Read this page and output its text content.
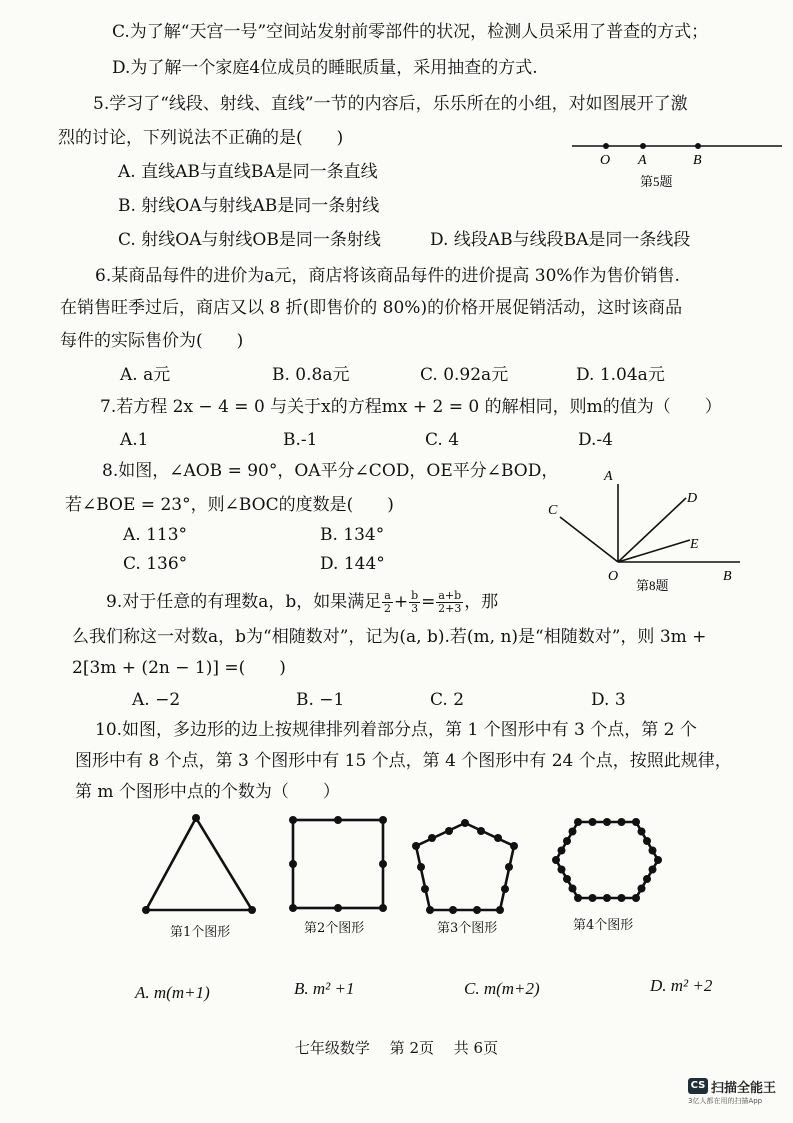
C.为了解“天宫一号”空间站发射前零部件的状况，检测人员采用了普查的方式；
D.为了解一个家庭4位成员的睡眠质量，采用抽查的方式.
5.学习了“线段、射线、直线”一节的内容后，乐乐所在的小组，对如图展开了激
烈的讨论，下列说法不正确的是(　　)
A. 直线AB与直线BA是同一条直线
B. 射线OA与射线AB是同一条射线
C. 射线OA与射线OB是同一条射线	D. 线段AB与线段BA是同一条线段
O A	B
第5题
6.某商品每件的进价为a元，商店将该商品每件的进价提高 30%作为售价销售.
在销售旺季过后，商店又以 8 折(即售价的 80%)的价格开展促销活动，这时该商品
每件的实际售价为(　　)
A. a元	B. 0.8a元	C. 0.92a元	D. 1.04a元
7.若方程 2x − 4 = 0 与关于x的方程mx + 2 = 0 的解相同，则m的值为（　　）
A.1	B.-1	C. 4	D.-4
8.如图，∠AOB = 90°，OA平分∠COD，OE平分∠BOD，
若∠BOE = 23°，则∠BOC的度数是(　　)
A. 113°	B. 134°
C. 136°	D. 144°
A
C
D
E
O	B
第8题
9.对于任意的有理数a，b，如果满足 $\frac{a}{2} + \frac{b}{3} = \frac{a+b}{2+3}$ ，那
么我们称这一对数a，b为“相随数对”，记为(a, b).若(m, n)是“相随数对”，则 3m +
2[3m + (2n − 1)] =(　　)
A. −2	B. −1	C. 2	D. 3
10.如图，多边形的边上按规律排列着部分点，第 1 个图形中有 3 个点，第 2 个
图形中有 8 个点，第 3 个图形中有 15 个点，第 4 个图形中有 24 个点，按照此规律，
第 m 个图形中点的个数为（　　）
第1个图形	第2个图形	第3个图形	第4个图形
A. m(m+1)	B. m² +1	C. m(m+2)	D. m² +2
七年级数学　 第 2页　 共 6页
CS 扫描全能王
3亿人都在用的扫描App
